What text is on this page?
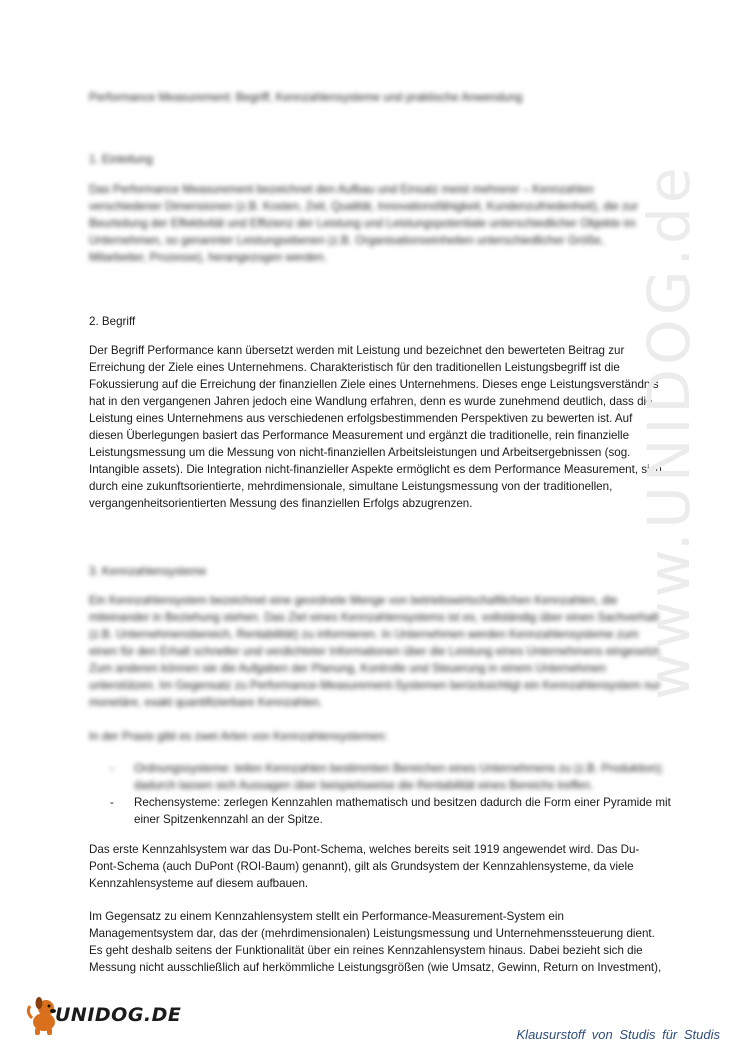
Performance Measurement: Begriff, Kennzahlensysteme und praktische Anwendung
1. Einleitung

Das Performance Measurement bezeichnet den Aufbau und Einsatz meist mehrerer – Kennzahlen verschiedener Dimensionen (z.B. Kosten, Zeit, Qualität, Innovationsfähigkeit, Kundenzufriedenheit), die zur Beurteilung der Effektivität und Effizienz der Leistung und Leistungspotentiale unterschiedlicher Objekte im Unternehmen, so genannter Leistungsebenen (z.B. Organisationseinheiten unterschiedlicher Größe, Mitarbeiter, Prozesse), herangezogen werden.

2. Begriff

Der Begriff Performance kann übersetzt werden mit Leistung und bezeichnet den bewerteten Beitrag zur Erreichung der Ziele eines Unternehmens. Charakteristisch für den traditionellen Leistungsbegriff ist die Fokussierung auf die Erreichung der finanziellen Ziele eines Unternehmens. Dieses enge Leistungsverständnis hat in den vergangenen Jahren jedoch eine Wandlung erfahren, denn es wurde zunehmend deutlich, dass die Leistung eines Unternehmens aus verschiedenen erfolgsbestimmenden Perspektiven zu bewerten ist. Auf diesen Überlegungen basiert das Performance Measurement und ergänzt die traditionelle, rein finanzielle Leistungsmessung um die Messung von nicht-finanziellen Arbeitsleistungen und Arbeitsergebnissen (sog. Intangible assets). Die Integration nicht-finanzieller Aspekte ermöglicht es dem Performance Measurement, sich durch eine zukunftsorientierte, mehrdimensionale, simultane Leistungsmessung von der traditionellen, vergangenheitsorientierten Messung des finanziellen Erfolgs abzugrenzen.

3. Kennzahlensysteme

Ein Kennzahlensystem bezeichnet eine geordnete Menge von betriebswirtschaftlichen Kennzahlen, die miteinander in Beziehung stehen. Das Ziel eines Kennzahlensystems ist es, vollständig über einen Sachverhalt (z.B. Unternehmensbereich, Rentabilität) zu informieren. In Unternehmen werden Kennzahlensysteme zum einen für den Erhalt schneller und verdichteter Informationen über die Leistung eines Unternehmens eingesetzt. Zum anderen können sie die Aufgaben der Planung, Kontrolle und Steuerung in einem Unternehmen unterstützen. Im Gegensatz zu Performance-Measurement-Systemen berücksichtigt ein Kennzahlensystem nur monetäre, exakt quantifizierbare Kennzahlen.

In der Praxis gibt es zwei Arten von Kennzahlensystemen:
- Ordnungssysteme: teilen Kennzahlen bestimmten Bereichen eines Unternehmens zu (z.B. Produktion); dadurch lassen sich Aussagen über beispielsweise die Rentabilität eines Bereichs treffen.
- Rechensysteme: zerlegen Kennzahlen mathematisch und besitzen dadurch die Form einer Pyramide mit einer Spitzenkennzahl an der Spitze.

Das erste Kennzahlsystem war das Du-Pont-Schema, welches bereits seit 1919 angewendet wird. Das Du-Pont-Schema (auch DuPont (ROI-Baum) genannt), gilt als Grundsystem der Kennzahlensysteme, da viele Kennzahlensysteme auf diesem aufbauen.

Im Gegensatz zu einem Kennzahlensystem stellt ein Performance-Measurement-System ein Managementsystem dar, das der (mehrdimensionalen) Leistungsmessung und Unternehmenssteuerung dient. Es geht deshalb seitens der Funktionalität über ein reines Kennzahlensystem hinaus. Dabei bezieht sich die Messung nicht ausschließlich auf herkömmliche Leistungsgrößen (wie Umsatz, Gewinn, Return on Investment),

www.UNIDOG.de
UNIDOG.DE
Klausurstoff von Studis für Studis
